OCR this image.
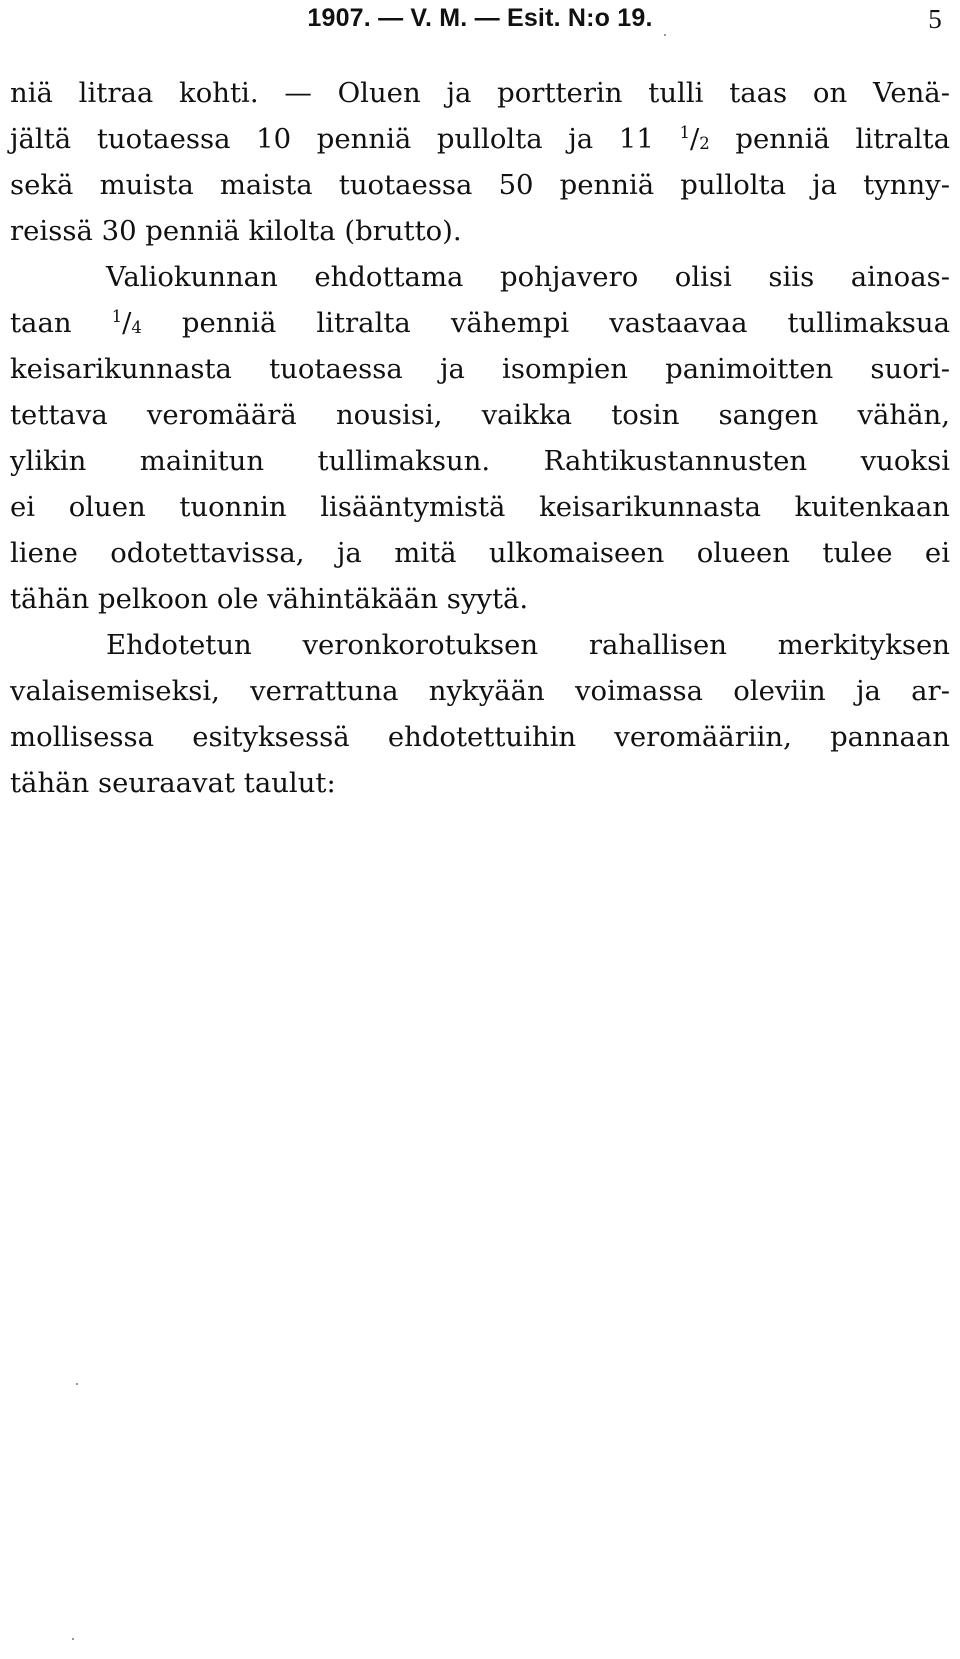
1907. — V. M. — Esit. N:o 19.	5
niä litraa kohti. — Oluen ja portterin tulli taas on Venä-
jältä tuotaessa 10 penniä pullolta ja 11 $^1/_2$ penniä litralta
sekä muista maista tuotaessa 50 penniä pullolta ja tynny-
reissä 30 penniä kilolta (brutto).
Valiokunnan ehdottama pohjavero olisi siis ainoas-
taan $^1/_4$ penniä litralta vähempi vastaavaa tullimaksua
keisarikunnasta tuotaessa ja isompien panimoitten suori-
tettava veromäärä nousisi, vaikka tosin sangen vähän,
ylikin mainitun tullimaksun. Rahtikustannusten vuoksi
ei oluen tuonnin lisääntymistä keisarikunnasta kuitenkaan
liene odotettavissa, ja mitä ulkomaiseen olueen tulee ei
tähän pelkoon ole vähintäkään syytä.
Ehdotetun veronkorotuksen rahallisen merkityksen
valaisemiseksi, verrattuna nykyään voimassa oleviin ja ar-
mollisessa esityksessä ehdotettuihin veromääriin, pannaan
tähän seuraavat taulut:
